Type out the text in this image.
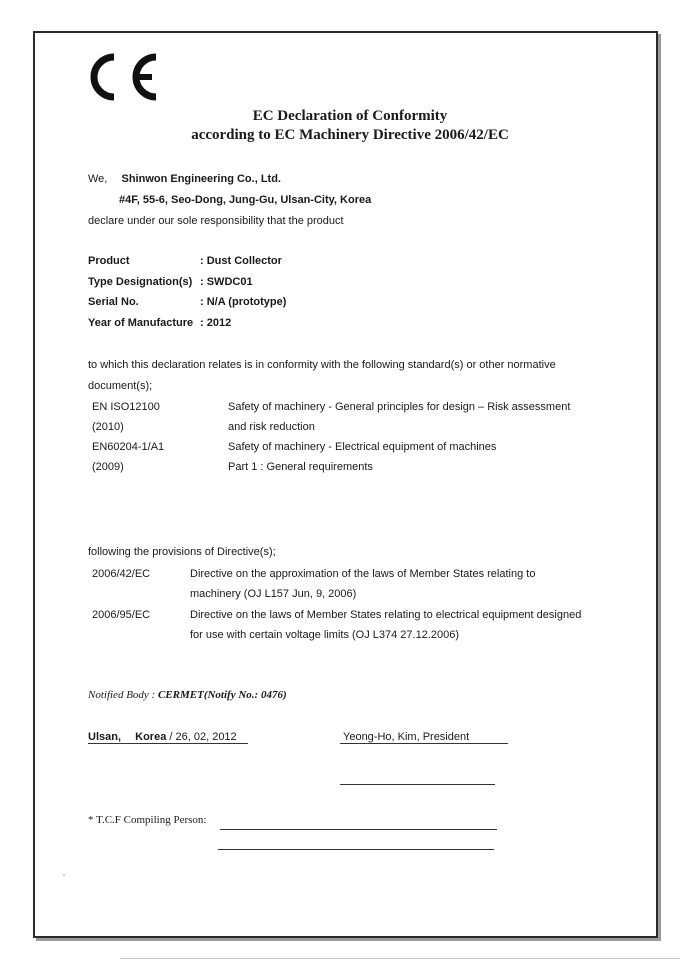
EC Declaration of Conformity
according to EC Machinery Directive 2006/42/EC
We, Shinwon Engineering Co., Ltd.
#4F, 55-6, Seo-Dong, Jung-Gu, Ulsan-City, Korea
declare under our sole responsibility that the product
Product	: Dust Collector
Type Designation(s) : SWDC01
Serial No.	: N/A (prototype)
Year of Manufacture : 2012
to which this declaration relates is in conformity with the following standard(s) or other normative
document(s);
EN ISO12100	Safety of machinery - General principles for design – Risk assessment
(2010)	and risk reduction
EN60204-1/A1	Safety of machinery - Electrical equipment of machines
(2009)	Part 1 : General requirements
following the provisions of Directive(s);
2006/42/EC	Directive on the approximation of the laws of Member States relating to
machinery (OJ L157 Jun, 9, 2006)
2006/95/EC	Directive on the laws of Member States relating to electrical equipment designed
for use with certain voltage limits (OJ L374 27.12.2006)
Notified Body : CERMET(Notify No.: 0476)
Ulsan, Korea / 26, 02, 2012	Yeong-Ho, Kim, President
* T.C.F Compiling Person:
